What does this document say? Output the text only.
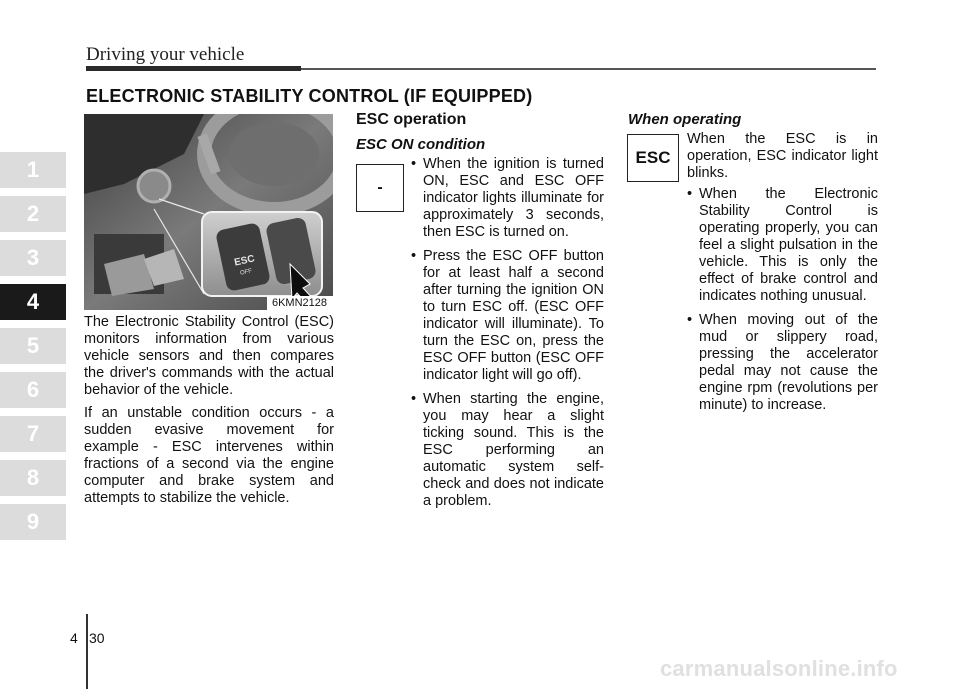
Driving your vehicle
ELECTRONIC STABILITY CONTROL (IF EQUIPPED)
1
2
3
4
5
6
7
8
9
ESC
OFF
6KMN2128

The Electronic Stability Control (ESC) monitors information from various vehicle sensors and then compares the driver's commands with the actual behavior of the vehicle.

If an unstable condition occurs - a sudden evasive movement for example - ESC intervenes within fractions of a second via the engine computer and brake system and attempts to stabilize the vehicle.

ESC operation
ESC ON condition
-
• When the ignition is turned ON, ESC and ESC OFF indicator lights illuminate for approximately 3 seconds, then ESC is turned on.
• Press the ESC OFF button for at least half a second after turning the ignition ON to turn ESC off. (ESC OFF indicator will illuminate). To turn the ESC on, press the ESC OFF button (ESC OFF indicator light will go off).
• When starting the engine, you may hear a slight ticking sound. This is the ESC performing an automatic system self-check and does not indicate a problem.
When operating
ESC
When the ESC is in operation, ESC indicator light blinks.
• When the Electronic Stability Control is operating properly, you can feel a slight pulsation in the vehicle. This is only the effect of brake control and indicates nothing unusual.
• When moving out of the mud or slippery road, pressing the accelerator pedal may not cause the engine rpm (revolutions per minute) to increase.
4 30
carmanualsonline.info
